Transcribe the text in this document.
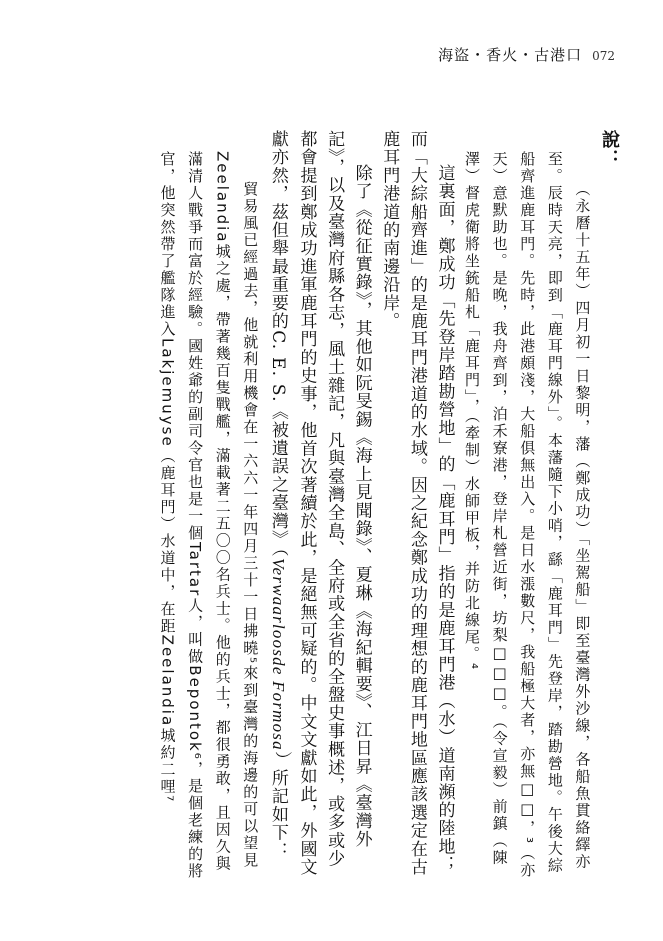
海盜・香火・古港口 072

說：

（永曆十五年）四月初一日黎明，藩（鄭成功）「坐駕船」即至臺灣外沙線，各船魚貫絡繹亦至。辰時天亮，即到「鹿耳門線外」。本藩隨下小哨，繇「鹿耳門」先登岸，踏勘營地。午後大綜船齊進鹿耳門。先時，此港頗淺，大船俱無出入。是日水漲數尺，我船極大者，亦無□□，³（亦天）意默助也。是晚，我舟齊到，泊禾寮港，登岸札營近街，坊梨□□□。（令宣毅）前鎮（陳澤）督虎衛將坐銃船札「鹿耳門」，（牽制）水師甲板，并防北線尾。⁴

這裏面，鄭成功「先登岸踏勘營地」的「鹿耳門」指的是鹿耳門港（水）道南瀕的陸地；而「大綜船齊進」的是鹿耳門港道的水域。因之紀念鄭成功的理想的鹿耳門地區應該選定在古鹿耳門港道的南邊沿岸。

除了《從征實錄》，其他如阮旻錫《海上見聞錄》、夏琳《海紀輯要》、江日昇《臺灣外記》，以及臺灣府縣各志，風土雜記，凡與臺灣全島、全府或全省的全盤史事概述，或多或少都會提到鄭成功進軍鹿耳門的史事，他首次著續於此，是絕無可疑的。中文文獻如此，外國文獻亦然，茲但舉最重要的C. E. S.《被遺誤之臺灣》（Verwaarloosde Formosa）所記如下：

貿易風已經過去，他就利用機會在一六六一年四月三十一日拂曉⁵來到臺灣的海邊的可以望見Zeelandia城之處，帶著幾百隻戰艦，滿載著二五〇〇名兵士。他的兵士，都很勇敢，且因久與滿清人戰爭而富於經驗。國姓爺的副司令官也是一個Tartar人，叫做Bepontok⁶，是個老練的將官，他突然帶了艦隊進入Lakjemuyse（鹿耳門）水道中，在距Zeelandia城約二哩⁷
